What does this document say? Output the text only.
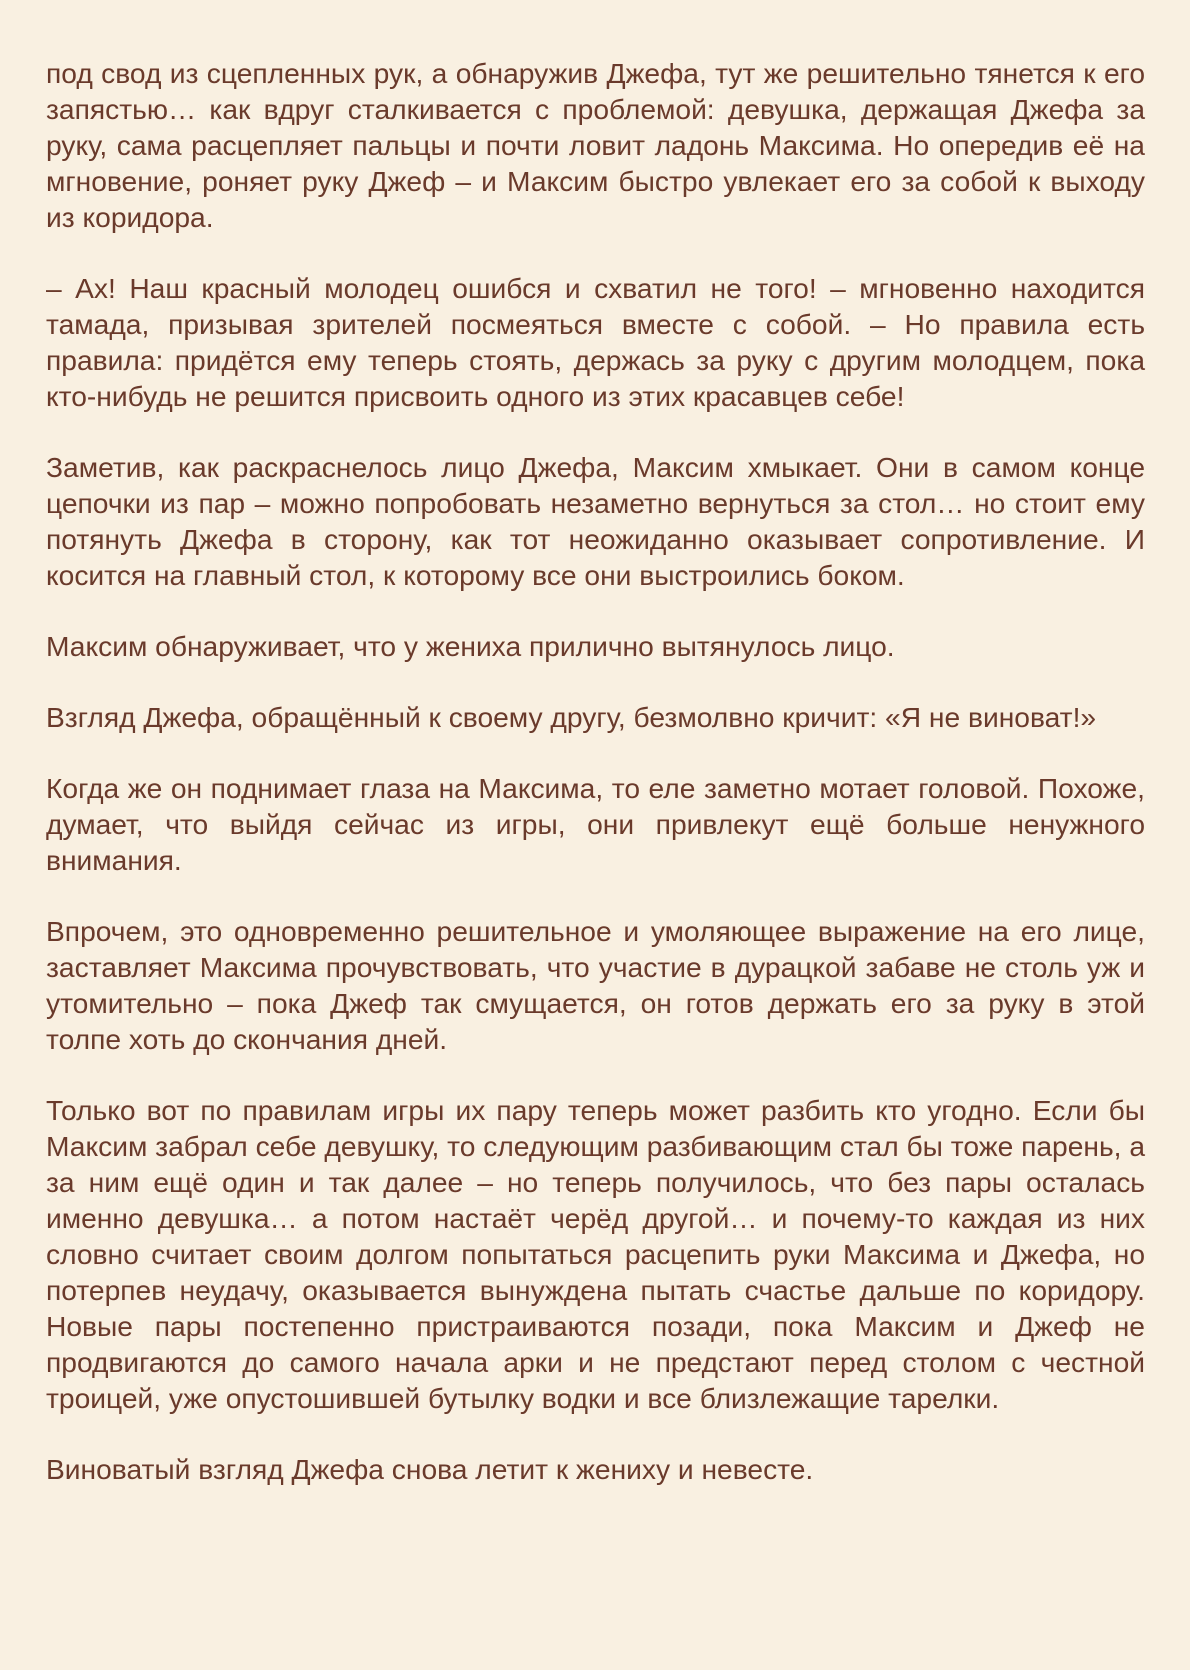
под свод из сцепленных рук, а обнаружив Джефа, тут же решительно тянется к его запястью… как вдруг сталкивается с проблемой: девушка, держащая Джефа за руку, сама расцепляет пальцы и почти ловит ладонь Максима. Но опередив её на мгновение, роняет руку Джеф – и Максим быстро увлекает его за собой к выходу из коридора.

– Ах! Наш красный молодец ошибся и схватил не того! – мгновенно находится тамада, призывая зрителей посмеяться вместе с собой. – Но правила есть правила: придётся ему теперь стоять, держась за руку с другим молодцем, пока кто-нибудь не решится присвоить одного из этих красавцев себе!

Заметив, как раскраснелось лицо Джефа, Максим хмыкает. Они в самом конце цепочки из пар – можно попробовать незаметно вернуться за стол… но стоит ему потянуть Джефа в сторону, как тот неожиданно оказывает сопротивление. И косится на главный стол, к которому все они выстроились боком.

Максим обнаруживает, что у жениха прилично вытянулось лицо.

Взгляд Джефа, обращённый к своему другу, безмолвно кричит: «Я не виноват!»

Когда же он поднимает глаза на Максима, то еле заметно мотает головой. Похоже, думает, что выйдя сейчас из игры, они привлекут ещё больше ненужного внимания.

Впрочем, это одновременно решительное и умоляющее выражение на его лице, заставляет Максима прочувствовать, что участие в дурацкой забаве не столь уж и утомительно – пока Джеф так смущается, он готов держать его за руку в этой толпе хоть до скончания дней.

Только вот по правилам игры их пару теперь может разбить кто угодно. Если бы Максим забрал себе девушку, то следующим разбивающим стал бы тоже парень, а за ним ещё один и так далее – но теперь получилось, что без пары осталась именно девушка… а потом настаёт черёд другой… и почему-то каждая из них словно считает своим долгом попытаться расцепить руки Максима и Джефа, но потерпев неудачу, оказывается вынуждена пытать счастье дальше по коридору. Новые пары постепенно пристраиваются позади, пока Максим и Джеф не продвигаются до самого начала арки и не предстают перед столом с честной троицей, уже опустошившей бутылку водки и все близлежащие тарелки.

Виноватый взгляд Джефа снова летит к жениху и невесте.
